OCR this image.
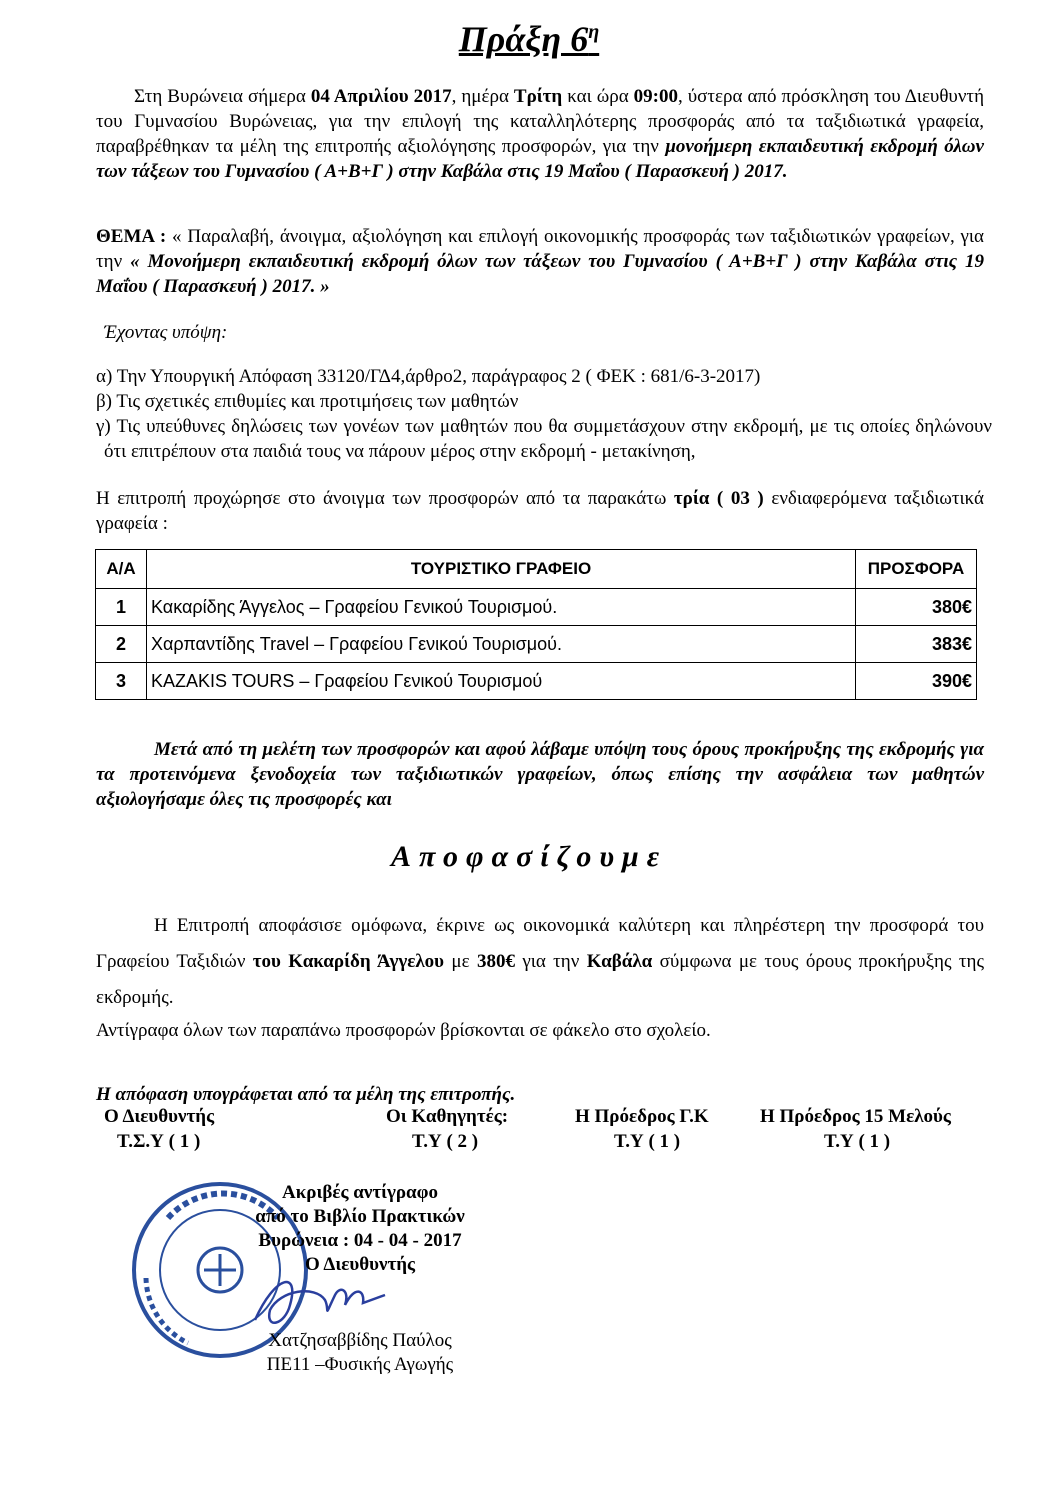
Πράξη $6^\eta$
Στη Βυρώνεια σήμερα 04 Απριλίου 2017, ημέρα Τρίτη και ώρα 09:00, ύστερα από πρόσκληση του Διευθυντή του Γυμνασίου Βυρώνειας, για την επιλογή της καταλληλότερης προσφοράς από τα ταξιδιωτικά γραφεία, παραβρέθηκαν τα μέλη της επιτροπής αξιολόγησης προσφορών, για την μονοήμερη εκπαιδευτική εκδρομή όλων των τάξεων του Γυμνασίου ( Α+Β+Γ ) στην Καβάλα στις 19 Μαΐου ( Παρασκευή ) 2017.
ΘΕΜΑ : « Παραλαβή, άνοιγμα, αξιολόγηση και επιλογή οικονομικής προσφοράς των ταξιδιωτικών γραφείων, για την « Μονοήμερη εκπαιδευτική εκδρομή όλων των τάξεων του Γυμνασίου ( Α+Β+Γ ) στην Καβάλα στις 19 Μαΐου ( Παρασκευή ) 2017. »
Έχοντας υπόψη:
α) Την Υπουργική Απόφαση 33120/ΓΔ4,άρθρο2, παράγραφος 2 ( ΦΕΚ : 681/6-3-2017)
β) Τις σχετικές επιθυμίες και προτιμήσεις των μαθητών
γ) Τις υπεύθυνες δηλώσεις των γονέων των μαθητών που θα συμμετάσχουν στην εκδρομή, με τις οποίες δηλώνουν ότι επιτρέπουν στα παιδιά τους να πάρουν μέρος στην εκδρομή - μετακίνηση,
Η επιτροπή προχώρησε στο άνοιγμα των προσφορών από τα παρακάτω τρία ( 03 ) ενδιαφερόμενα ταξιδιωτικά γραφεία :
Α/Α	ΤΟΥΡΙΣΤΙΚΟ ΓΡΑΦΕΙΟ	ΠΡΟΣΦΟΡΑ
1	Κακαρίδης Άγγελος – Γραφείου Γενικού Τουρισμού.	380€
2	Χαρπαντίδης Travel – Γραφείου Γενικού Τουρισμού.	383€
3	KAZAKIS TOURS – Γραφείου Γενικού Τουρισμού	390€
Μετά από τη μελέτη των προσφορών και αφού λάβαμε υπόψη τους όρους προκήρυξης της εκδρομής για τα προτεινόμενα ξενοδοχεία των ταξιδιωτικών γραφείων, όπως επίσης την ασφάλεια των μαθητών αξιολογήσαμε όλες τις προσφορές και
Αποφασίζουμε
Η Επιτροπή αποφάσισε ομόφωνα, έκρινε ως οικονομικά καλύτερη και πληρέστερη την προσφορά του Γραφείου Ταξιδιών του Κακαρίδη Άγγελου με 380€ για την Καβάλα σύμφωνα με τους όρους προκήρυξης της εκδρομής.
Αντίγραφα όλων των παραπάνω προσφορών βρίσκονται σε φάκελο στο σχολείο.
Η απόφαση υπογράφεται από τα μέλη της επιτροπής.
Ο Διευθυντής
Τ.Σ.Υ ( 1 )
Οι Καθηγητές:
Τ.Υ ( 2 )
Η Πρόεδρος Γ.Κ
Τ.Υ ( 1 )
Η Πρόεδρος 15 Μελούς
Τ.Υ ( 1 )
Ακριβές αντίγραφο
από το Βιβλίο Πρακτικών
Βυρώνεια : 04 - 04 - 2017
Ο Διευθυντής
Χατζησαββίδης Παύλος
ΠΕ11 –Φυσικής Αγωγής
